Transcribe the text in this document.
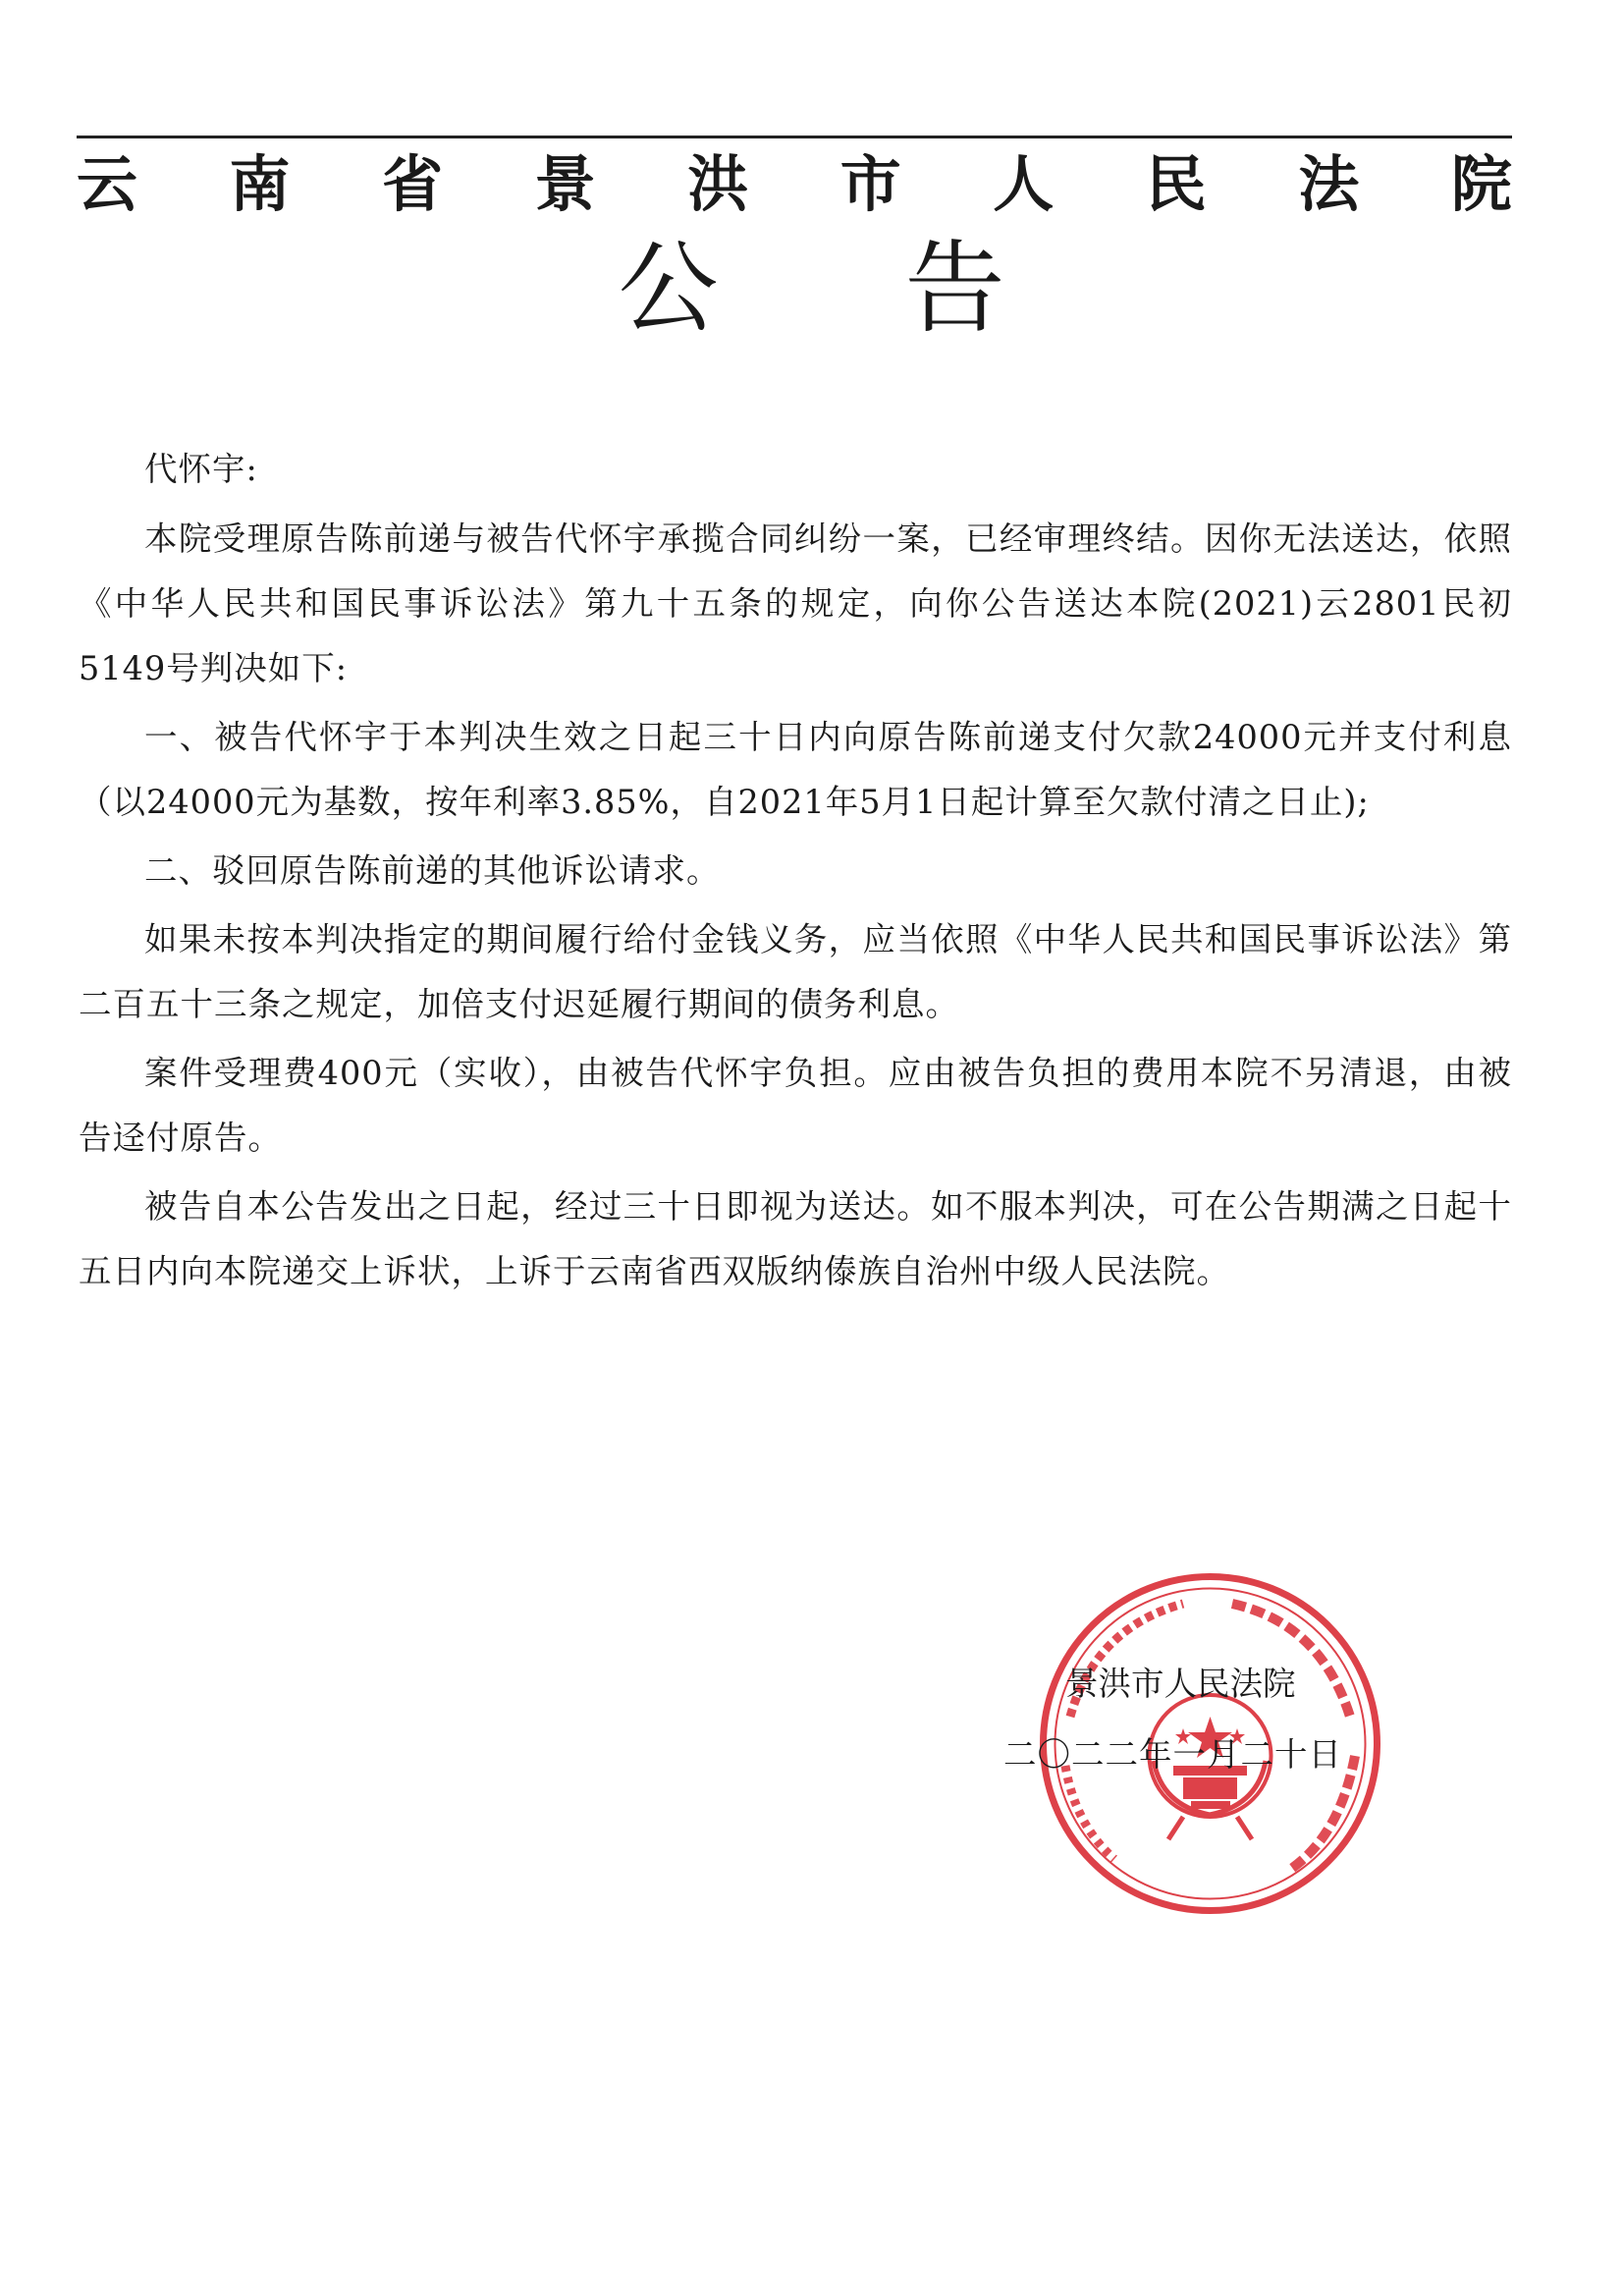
云 南 省 景 洪 市 人 民 法 院
公 告

代怀宇:

本院受理原告陈前递与被告代怀宇承揽合同纠纷一案，已经审理终结。因你无法送达，依照《中华人民共和国民事诉讼法》第九十五条的规定，向你公告送达本院(2021)云2801民初5149号判决如下:

一、被告代怀宇于本判决生效之日起三十日内向原告陈前递支付欠款24000元并支付利息（以24000元为基数，按年利率3.85%，自2021年5月1日起计算至欠款付清之日止);

二、驳回原告陈前递的其他诉讼请求。

如果未按本判决指定的期间履行给付金钱义务，应当依照《中华人民共和国民事诉讼法》第二百五十三条之规定，加倍支付迟延履行期间的债务利息。

案件受理费400元（实收），由被告代怀宇负担。应由被告负担的费用本院不另清退，由被告迳付原告。

被告自本公告发出之日起，经过三十日即视为送达。如不服本判决，可在公告期满之日起十五日内向本院递交上诉状，上诉于云南省西双版纳傣族自治州中级人民法院。

景洪市人民法院
二〇二二年一月二十日
